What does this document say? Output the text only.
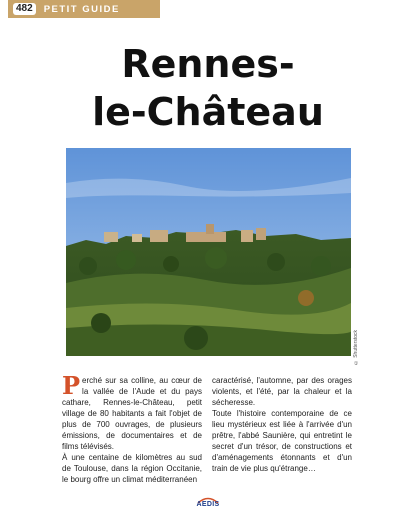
482	PETIT GUIDE
Rennes-
le-Château
© Shutterstock

Perché sur sa colline, au cœur de la vallée de l'Aude et du pays cathare, Rennes-le-Château, petit village de 80 habitants a fait l'objet de plus de 700 ouvrages, de plusieurs émissions, de documentaires et de films télévisés.

À une centaine de kilomètres au sud de Toulouse, dans la région Occitanie, le bourg offre un climat méditerranéen

caractérisé, l'automne, par des orages violents, et l'été, par la chaleur et la sécheresse.

Toute l'histoire contemporaine de ce lieu mystérieux est liée à l'arrivée d'un prêtre, l'abbé Saunière, qui entretint le secret d'un trésor, de constructions et d'aménagements étonnants et d'un train de vie plus qu'étrange…

AEDIS
